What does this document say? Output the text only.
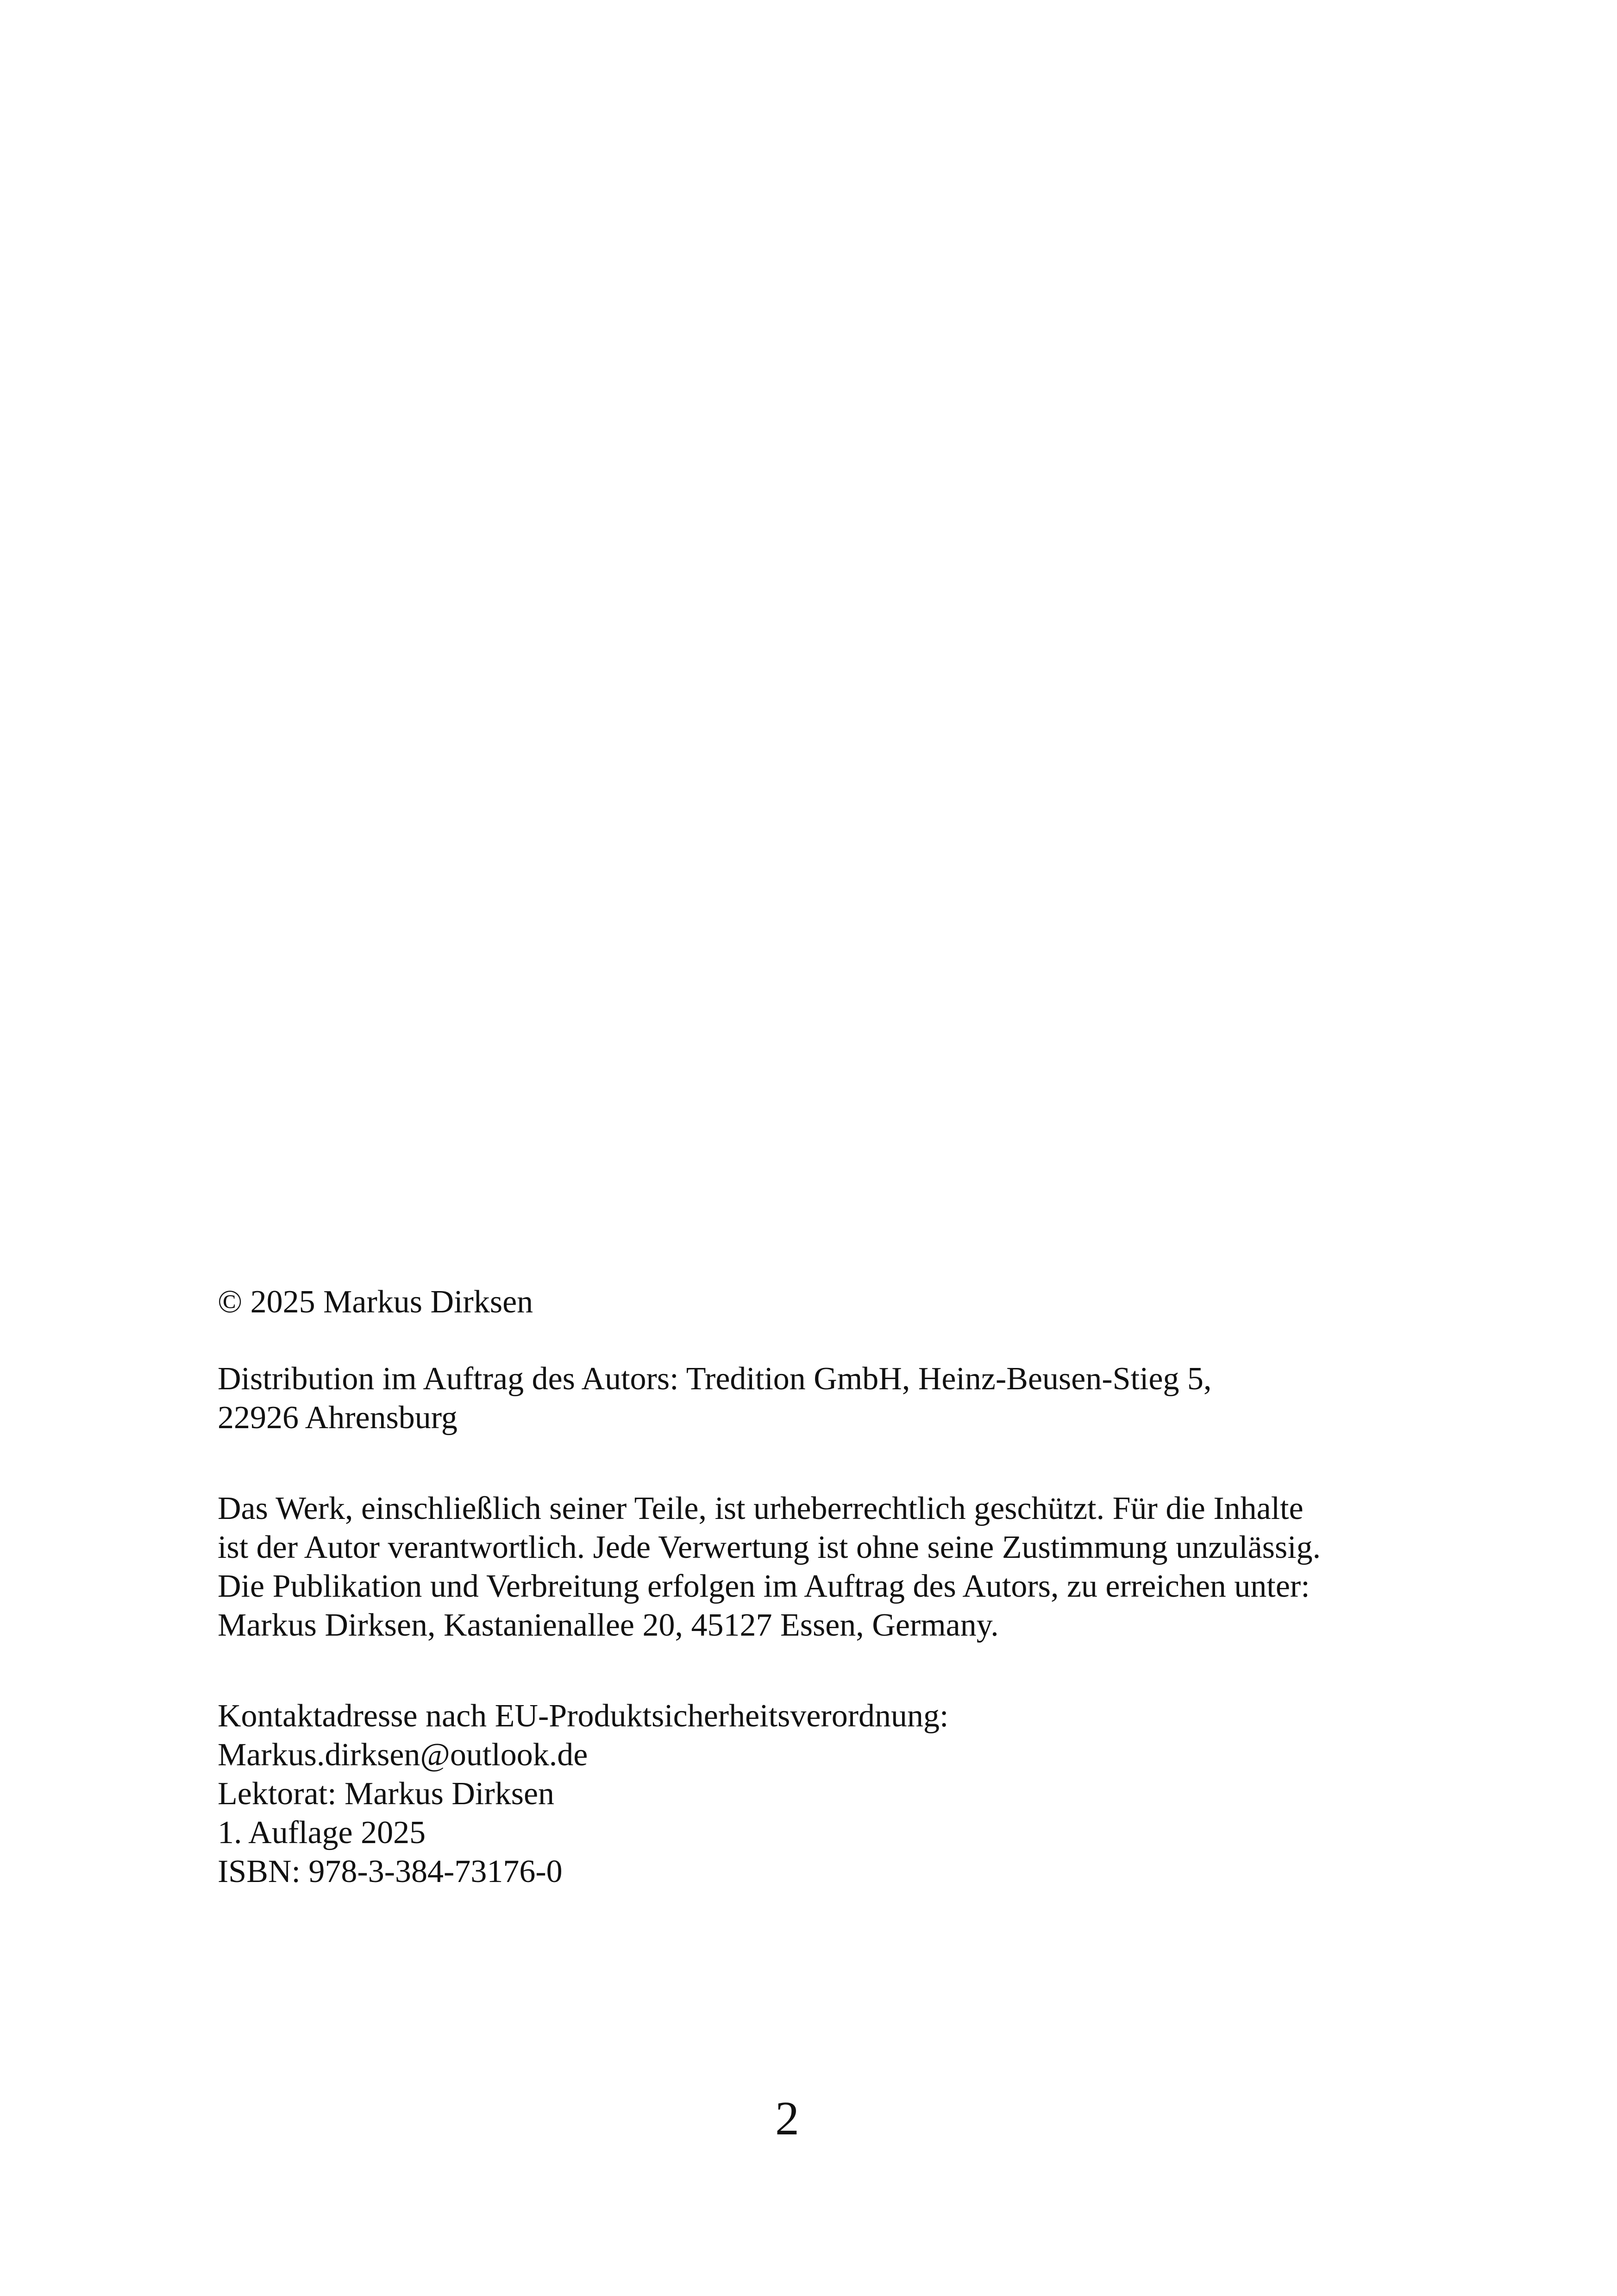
© 2025 Markus Dirksen
Distribution im Auftrag des Autors: Tredition GmbH, Heinz-Beusen-Stieg 5,
22926 Ahrensburg
Das Werk, einschließlich seiner Teile, ist urheberrechtlich geschützt. Für die Inhalte
ist der Autor verantwortlich. Jede Verwertung ist ohne seine Zustimmung unzulässig.
Die Publikation und Verbreitung erfolgen im Auftrag des Autors, zu erreichen unter:
Markus Dirksen, Kastanienallee 20, 45127 Essen, Germany.
Kontaktadresse nach EU-Produktsicherheitsverordnung:
Markus.dirksen@outlook.de
Lektorat: Markus Dirksen
1. Auflage 2025
ISBN: 978-3-384-73176-0
2
